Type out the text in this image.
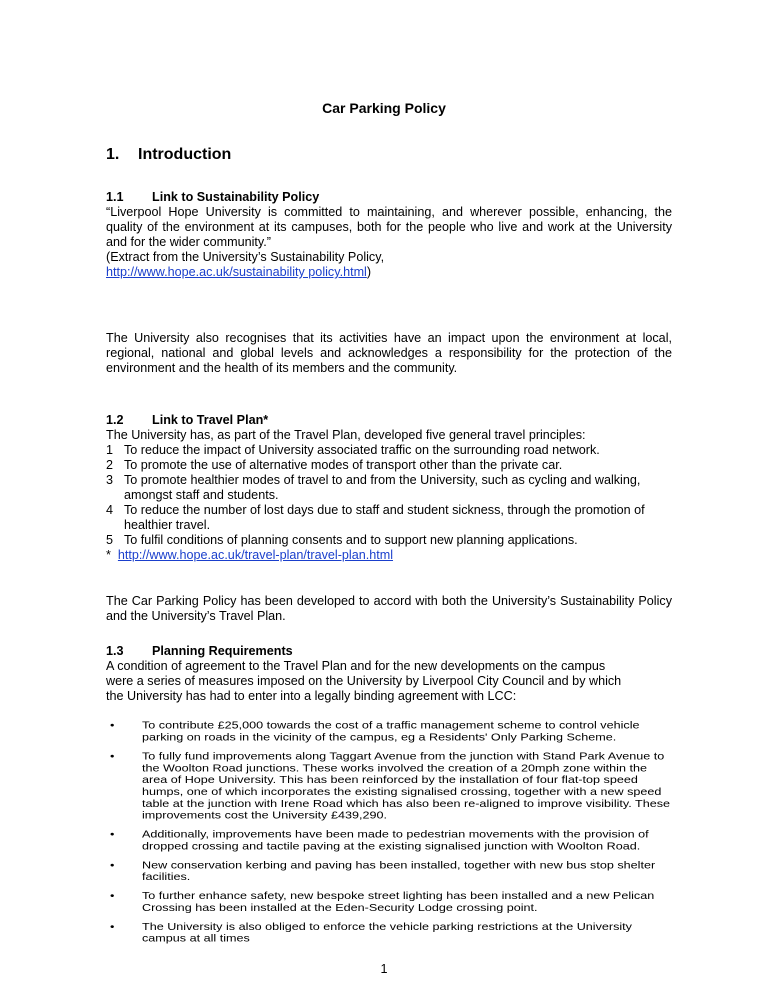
Car Parking Policy
1. Introduction
1.1 Link to Sustainability Policy

“Liverpool Hope University is committed to maintaining, and wherever possible, enhancing, the quality of the environment at its campuses, both for the people who live and work at the University and for the wider community.”

(Extract from the University’s Sustainability Policy, http://www.hope.ac.uk/sustainability policy.html)

The University also recognises that its activities have an impact upon the environment at local, regional, national and global levels and acknowledges a responsibility for the protection of the environment and the health of its members and the community.
1.2 Link to Travel Plan*

The University has, as part of the Travel Plan, developed five general travel principles:

1 To reduce the impact of University associated traffic on the surrounding road network.
2 To promote the use of alternative modes of transport other than the private car.
3 To promote healthier modes of travel to and from the University, such as cycling and walking, amongst staff and students.
4 To reduce the number of lost days due to staff and student sickness, through the promotion of healthier travel.
5 To fulfil conditions of planning consents and to support new planning applications.

* http://www.hope.ac.uk/travel-plan/travel-plan.html

The Car Parking Policy has been developed to accord with both the University’s Sustainability Policy and the University’s Travel Plan.
1.3 Planning Requirements

A condition of agreement to the Travel Plan and for the new developments on the campus were a series of measures imposed on the University by Liverpool City Council and by which the University has had to enter into a legally binding agreement with LCC:

• To contribute £25,000 towards the cost of a traffic management scheme to control vehicle parking on roads in the vicinity of the campus, eg a Residents' Only Parking Scheme.
• To fully fund improvements along Taggart Avenue from the junction with Stand Park Avenue to the Woolton Road junctions. These works involved the creation of a 20mph zone within the area of Hope University. This has been reinforced by the installation of four flat-top speed humps, one of which incorporates the existing signalised crossing, together with a new speed table at the junction with Irene Road which has also been re-aligned to improve visibility. These improvements cost the University £439,290.
• Additionally, improvements have been made to pedestrian movements with the provision of dropped crossing and tactile paving at the existing signalised junction with Woolton Road.
• New conservation kerbing and paving has been installed, together with new bus stop shelter facilities.
• To further enhance safety, new bespoke street lighting has been installed and a new Pelican Crossing has been installed at the Eden-Security Lodge crossing point.
• The University is also obliged to enforce the vehicle parking restrictions at the University campus at all times
1
